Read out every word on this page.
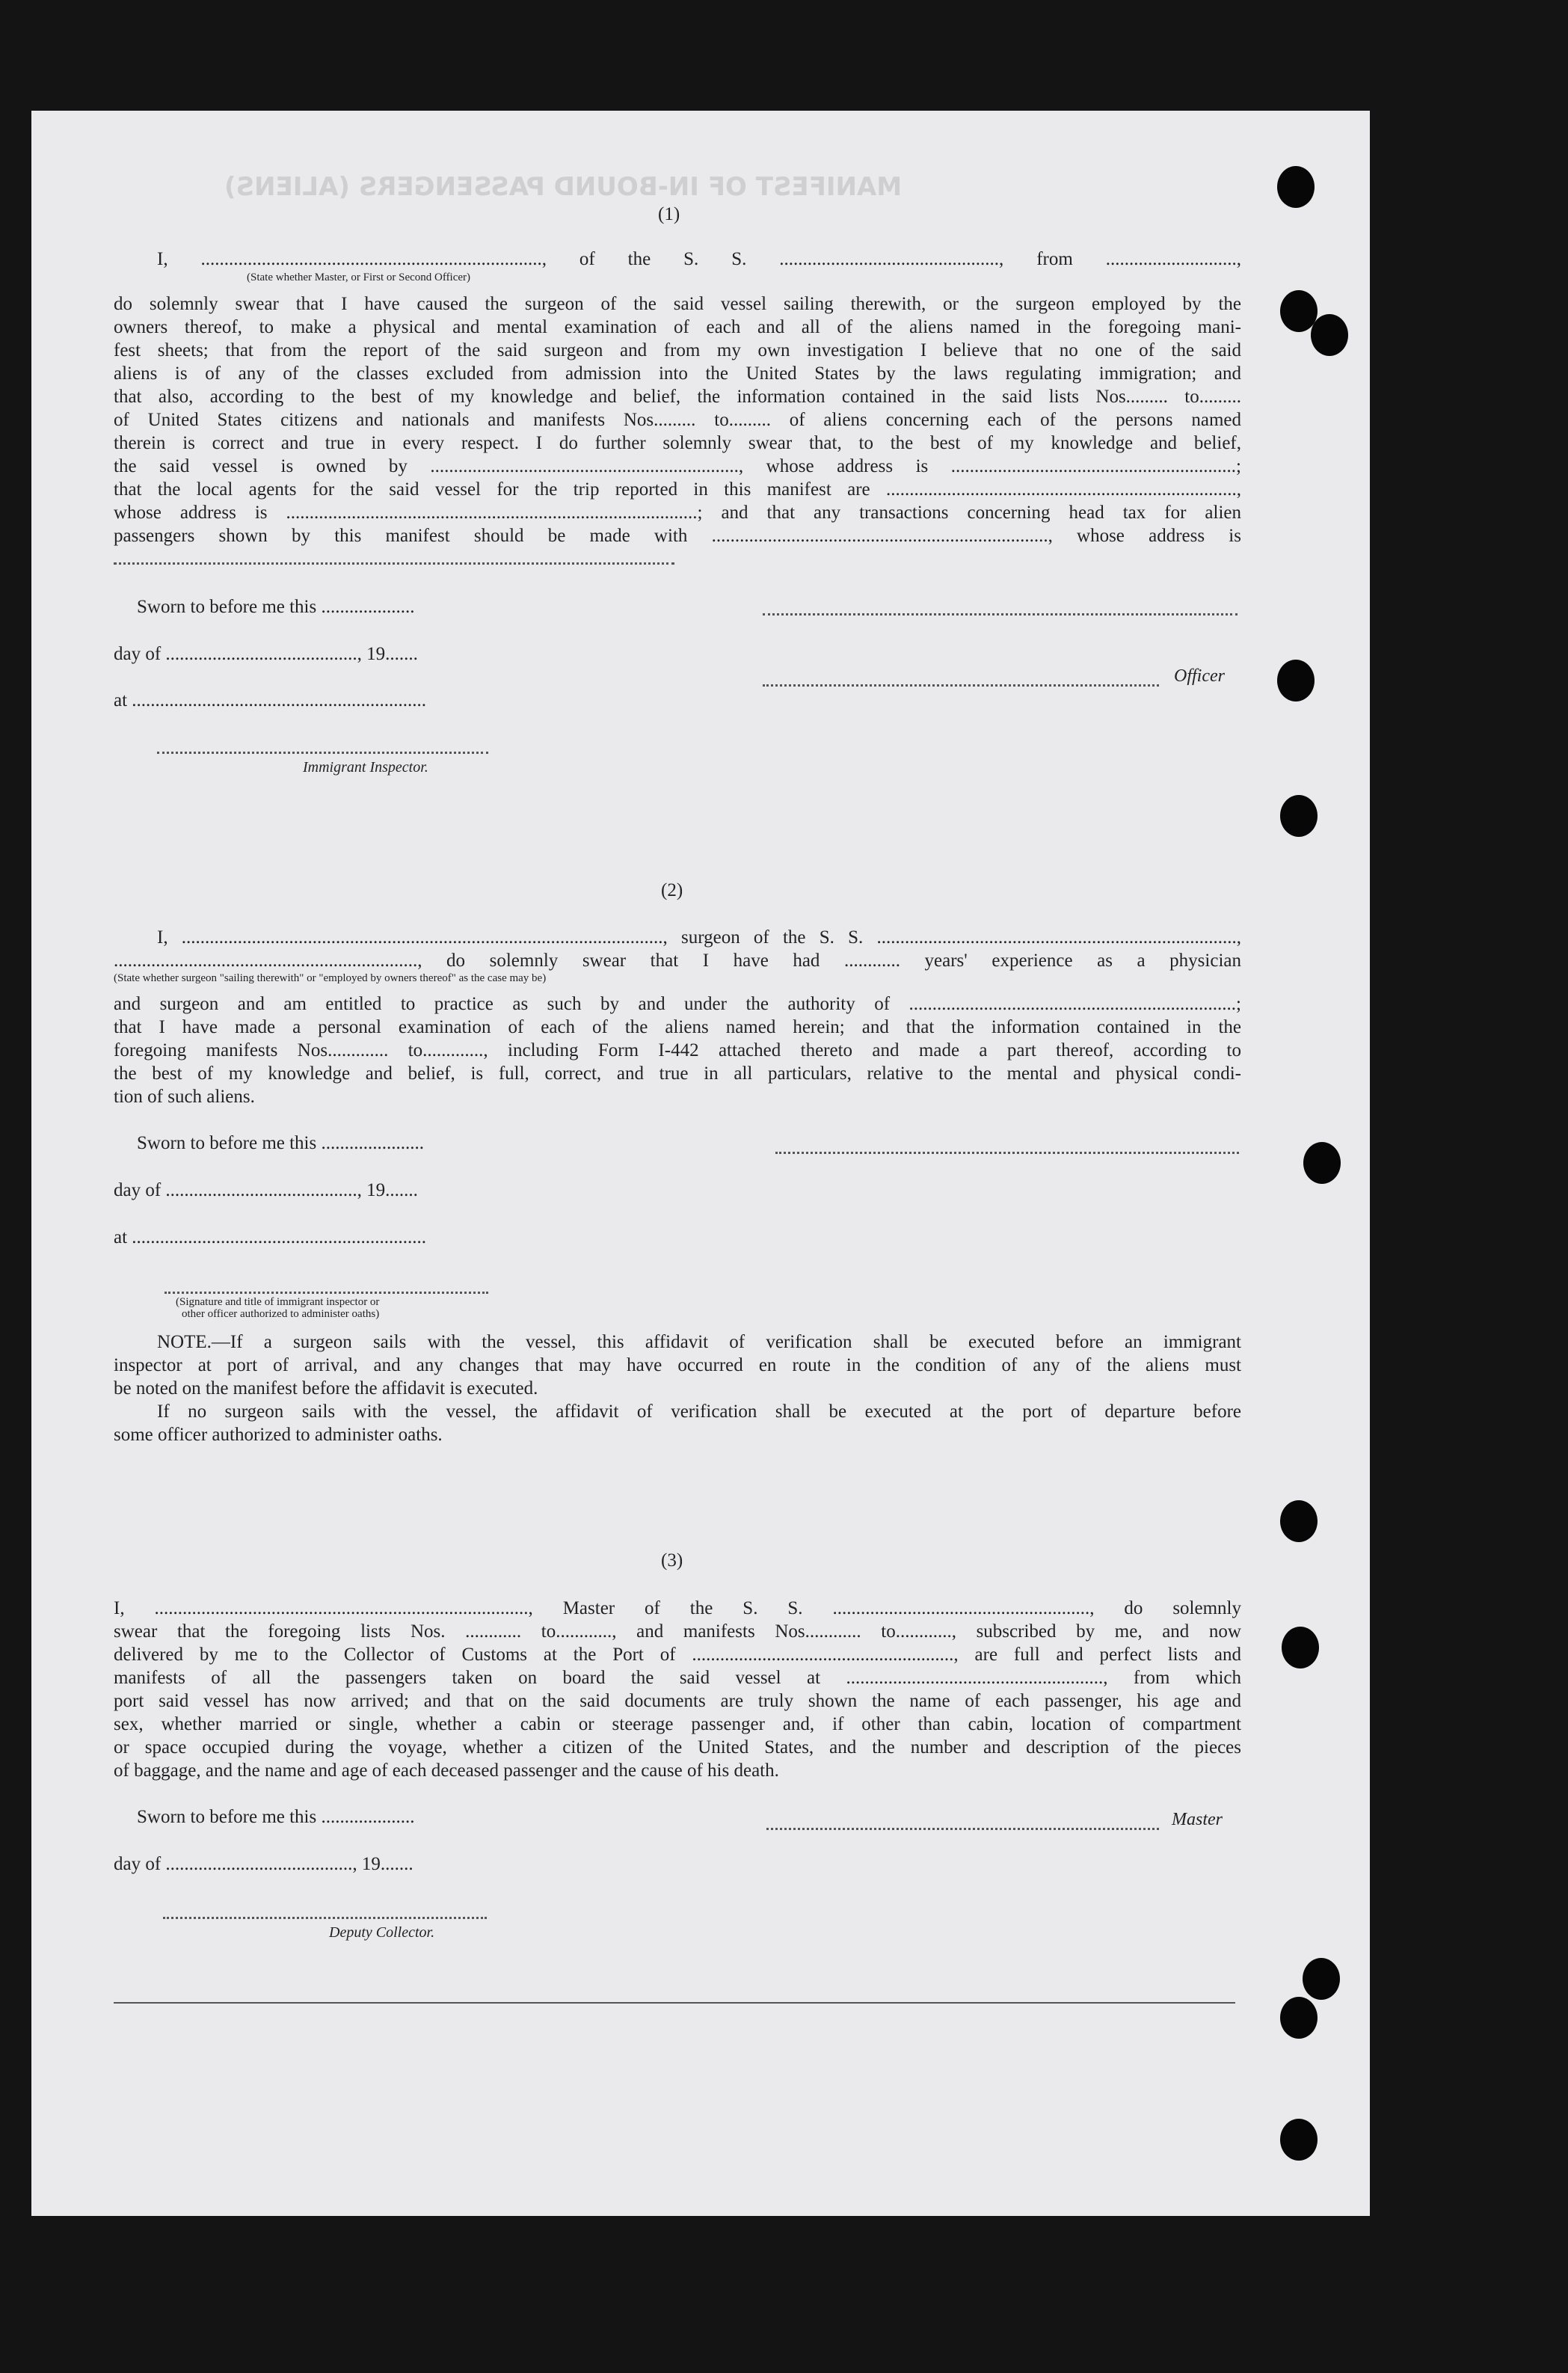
MANIFEST OF IN-BOUND PASSENGERS (ALIENS)
(1)
I, ........................................................................., of the S. S. ..............................................., from ............................,
(State whether Master, or First or Second Officer)
do solemnly swear that I have caused the surgeon of the said vessel sailing therewith, or the surgeon employed by the
owners thereof, to make a physical and mental examination of each and all of the aliens named in the foregoing mani-
fest sheets; that from the report of the said surgeon and from my own investigation I believe that no one of the said
aliens is of any of the classes excluded from admission into the United States by the laws regulating immigration; and
that also, according to the best of my knowledge and belief, the information contained in the said lists Nos......... to.........
of United States citizens and nationals and manifests Nos......... to......... of aliens concerning each of the persons named
therein is correct and true in every respect. I do further solemnly swear that, to the best of my knowledge and belief,
the said vessel is owned by .................................................................., whose address is .............................................................;
that the local agents for the said vessel for the trip reported in this manifest are ...........................................................................,
whose address is ........................................................................................; and that any transactions concerning head tax for alien
passengers shown by this manifest should be made with ........................................................................, whose address is
Sworn to before me this ....................
day of ........................................., 19.......
at ...............................................................
Immigrant Inspector.
Officer
(2)
I, ......................................................................................................., surgeon of the S. S. .............................................................................,
................................................................., do solemnly swear that I have had ............ years' experience as a physician
(State whether surgeon "sailing therewith" or "employed by owners thereof" as the case may be)
and surgeon and am entitled to practice as such by and under the authority of ......................................................................;
that I have made a personal examination of each of the aliens named herein; and that the information contained in the
foregoing manifests Nos............. to............., including Form I-442 attached thereto and made a part thereof, according to
the best of my knowledge and belief, is full, correct, and true in all particulars, relative to the mental and physical condi-
tion of such aliens.
Sworn to before me this ......................
day of ........................................., 19.......
at ...............................................................
(Signature and title of immigrant inspector or
other officer authorized to administer oaths)
NOTE.—If a surgeon sails with the vessel, this affidavit of verification shall be executed before an immigrant
inspector at port of arrival, and any changes that may have occurred en route in the condition of any of the aliens must
be noted on the manifest before the affidavit is executed.
If no surgeon sails with the vessel, the affidavit of verification shall be executed at the port of departure before
some officer authorized to administer oaths.
(3)
I, ................................................................................, Master of the S. S. ......................................................., do solemnly
swear that the foregoing lists Nos. ............ to............, and manifests Nos............ to............, subscribed by me, and now
delivered by me to the Collector of Customs at the Port of ........................................................, are full and perfect lists and
manifests of all the passengers taken on board the said vessel at ......................................................., from which
port said vessel has now arrived; and that on the said documents are truly shown the name of each passenger, his age and
sex, whether married or single, whether a cabin or steerage passenger and, if other than cabin, location of compartment
or space occupied during the voyage, whether a citizen of the United States, and the number and description of the pieces
of baggage, and the name and age of each deceased passenger and the cause of his death.
Sworn to before me this ....................
day of ........................................, 19.......
Deputy Collector.
Master
